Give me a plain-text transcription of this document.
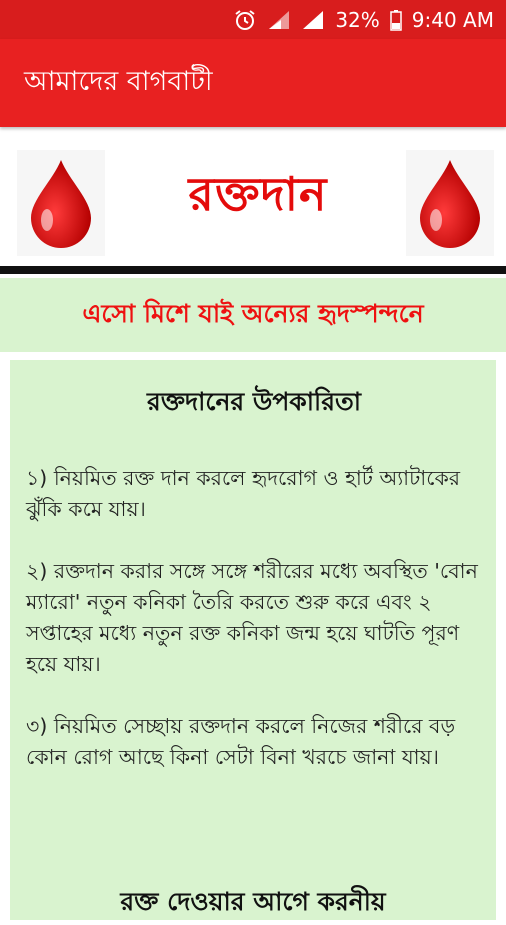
32% 9:40 AM
আমাদের বাগবাটী
রক্তদান
এসো মিশে যাই অন্যের হৃদস্পন্দনে
রক্তদানের উপকারিতা

১) নিয়মিত রক্ত দান করলে হৃদরোগ ও হার্ট অ্যাটাকের ঝুঁকি কমে যায়।

২) রক্তদান করার সঙ্গে সঙ্গে শরীরের মধ্যে অবস্থিত 'বোন ম্যারো' নতুন কনিকা তৈরি করতে শুরু করে এবং ২ সপ্তাহের মধ্যে নতুন রক্ত কনিকা জন্ম হয়ে ঘাটতি পূরণ হয়ে যায়।

৩) নিয়মিত সেচ্ছায় রক্তদান করলে নিজের শরীরে বড় কোন রোগ আছে কিনা সেটা বিনা খরচে জানা যায়।

রক্ত দেওয়ার আগে করনীয়
